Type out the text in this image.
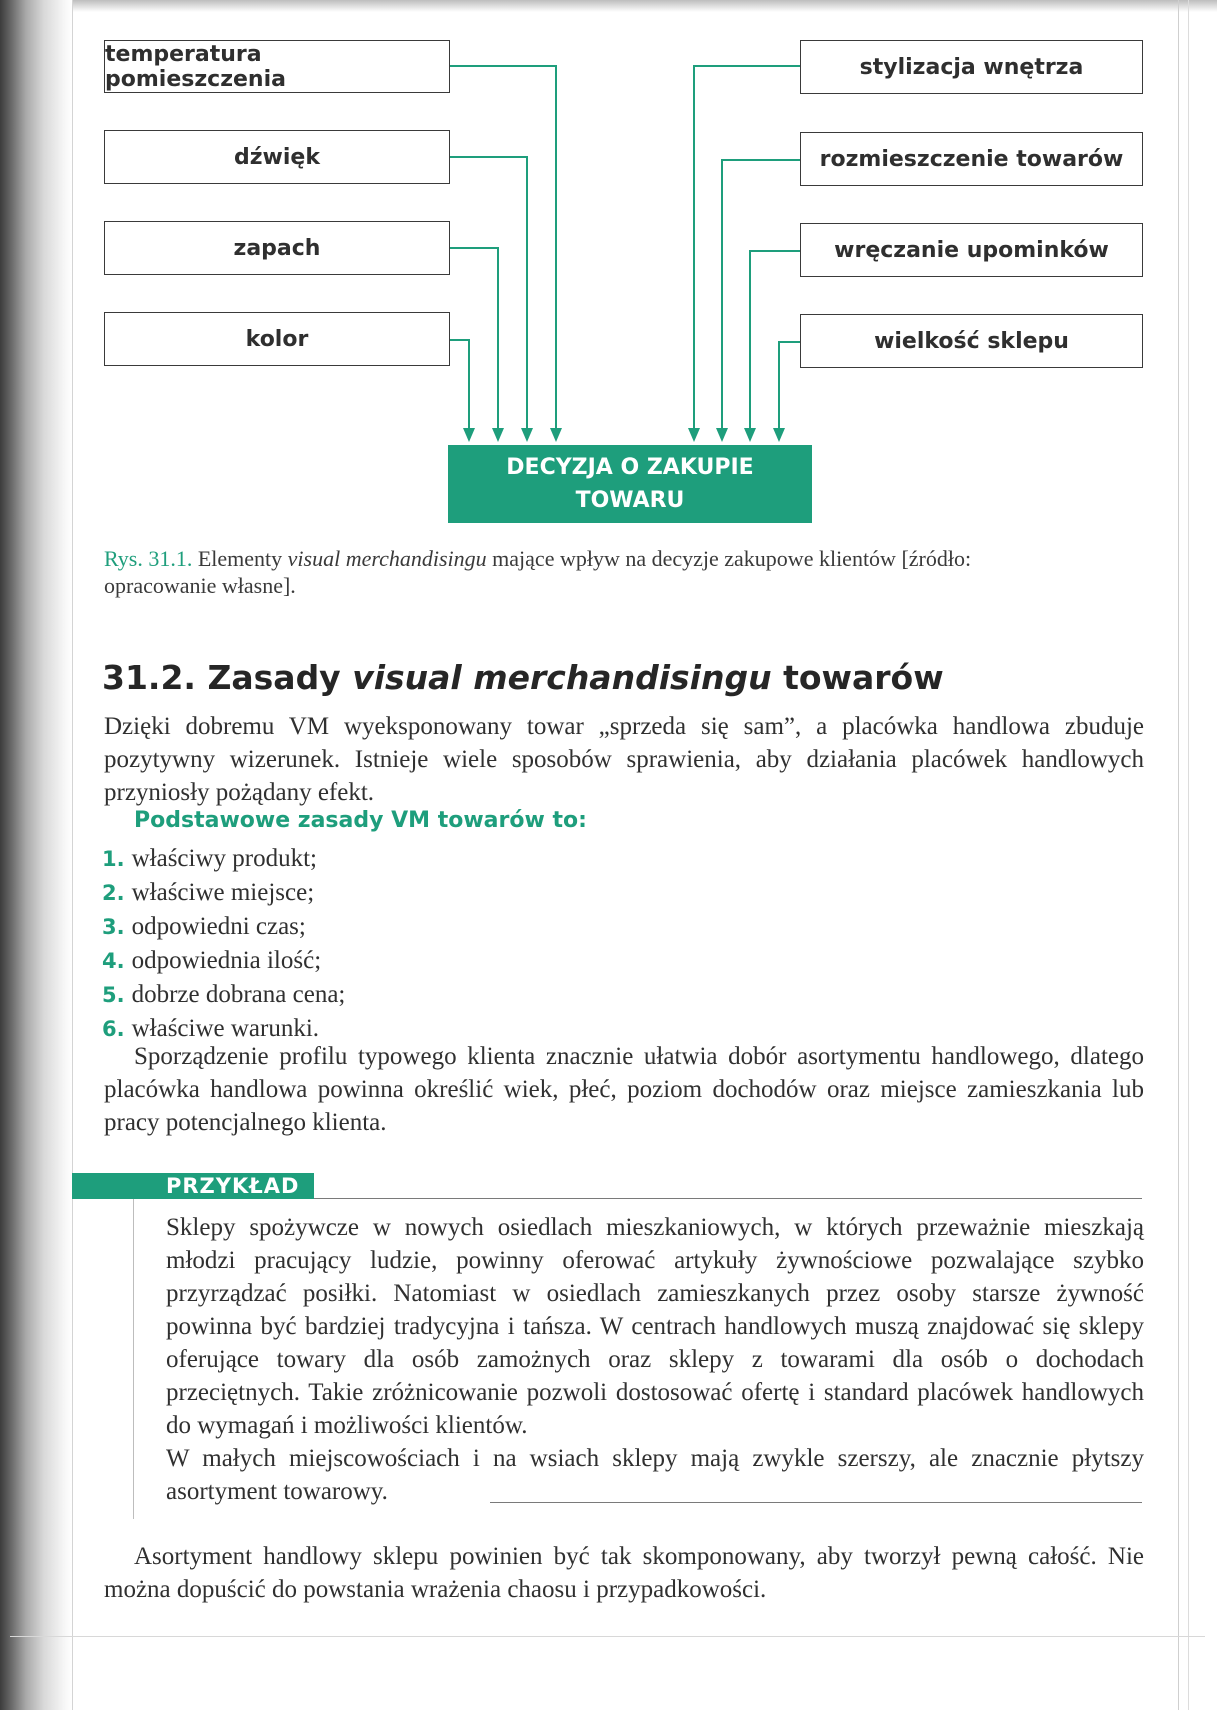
temperatura pomieszczenia
dźwięk
zapach
kolor
stylizacja wnętrza
rozmieszczenie towarów
wręczanie upominków
wielkość sklepu
DECYZJA O ZAKUPIE
TOWARU
Rys. 31.1. Elementy visual merchandisingu mające wpływ na decyzje zakupowe klientów [źródło: opracowanie własne].
31.2. Zasady visual merchandisingu towarów
Dzięki dobremu VM wyeksponowany towar „sprzeda się sam”, a placówka handlowa zbuduje pozytywny wizerunek. Istnieje wiele sposobów sprawienia, aby działania placówek handlowych przyniosły pożądany efekt.
Podstawowe zasady VM towarów to:
1. właściwy produkt;
2. właściwe miejsce;
3. odpowiedni czas;
4. odpowiednia ilość;
5. dobrze dobrana cena;
6. właściwe warunki.
Sporządzenie profilu typowego klienta znacznie ułatwia dobór asortymentu handlowego, dlatego placówka handlowa powinna określić wiek, płeć, poziom dochodów oraz miejsce zamieszkania lub pracy potencjalnego klienta.
PRZYKŁAD
Sklepy spożywcze w nowych osiedlach mieszkaniowych, w których przeważnie mieszkają młodzi pracujący ludzie, powinny oferować artykuły żywnościowe pozwalające szybko przyrządzać posiłki. Natomiast w osiedlach zamieszkanych przez osoby starsze żywność powinna być bardziej tradycyjna i tańsza. W centrach handlowych muszą znajdować się sklepy oferujące towary dla osób zamożnych oraz sklepy z towarami dla osób o dochodach przeciętnych. Takie zróżnicowanie pozwoli dostosować ofertę i standard placówek handlowych do wymagań i możliwości klientów.
W małych miejscowościach i na wsiach sklepy mają zwykle szerszy, ale znacznie płytszy asortyment towarowy.
Asortyment handlowy sklepu powinien być tak skomponowany, aby tworzył pewną całość. Nie można dopuścić do powstania wrażenia chaosu i przypadkowości.
